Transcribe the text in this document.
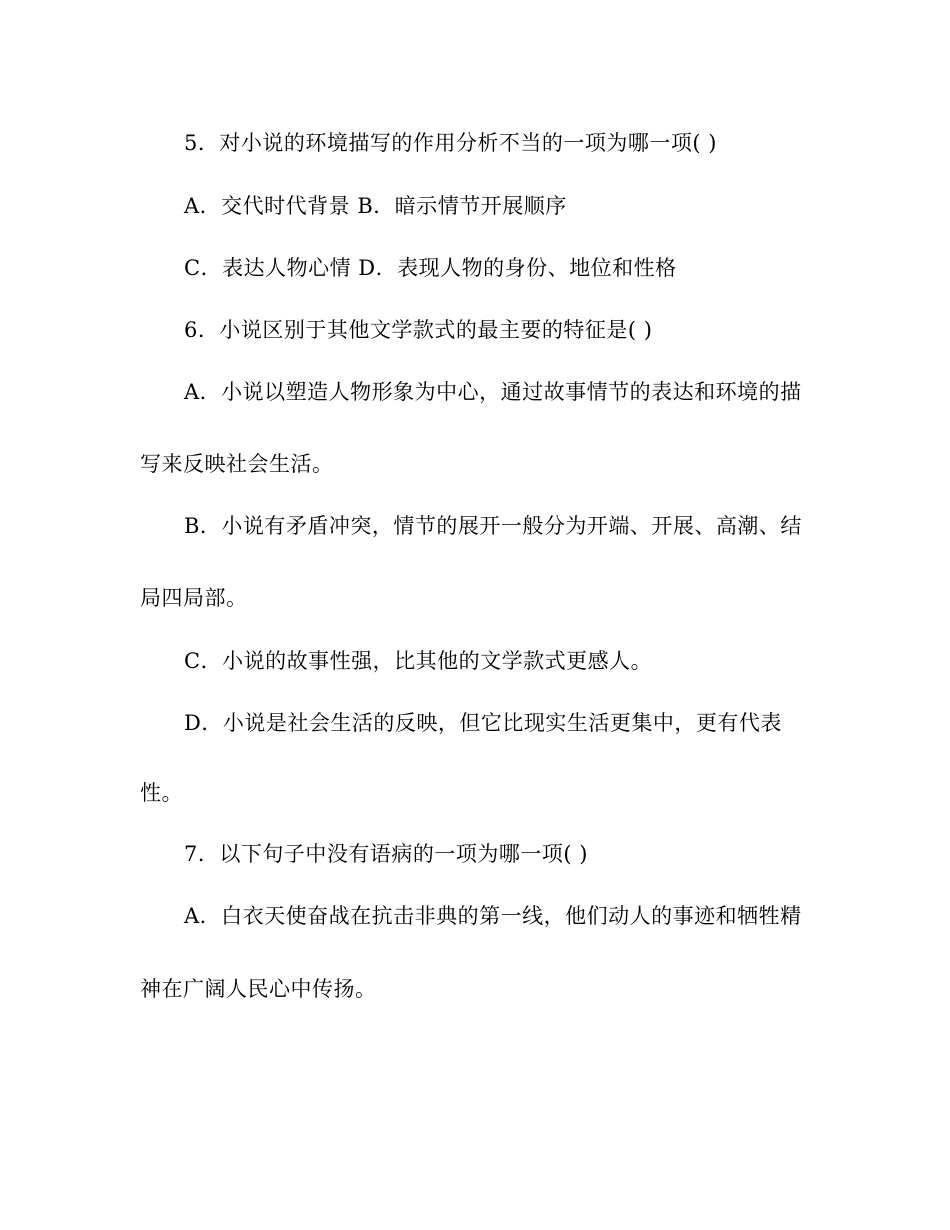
5．对小说的环境描写的作用分析不当的一项为哪一项( )
A．交代时代背景 B．暗示情节开展顺序
C．表达人物心情 D．表现人物的身份、地位和性格
6．小说区别于其他文学款式的最主要的特征是( )
A．小说以塑造人物形象为中心，通过故事情节的表达和环境的描
写来反映社会生活。
B．小说有矛盾冲突，情节的展开一般分为开端、开展、高潮、结
局四局部。
C．小说的故事性强，比其他的文学款式更感人。
D．小说是社会生活的反映，但它比现实生活更集中，更有代表
性。
7．以下句子中没有语病的一项为哪一项( )
A．白衣天使奋战在抗击非典的第一线，他们动人的事迹和牺牲精
神在广阔人民心中传扬。
